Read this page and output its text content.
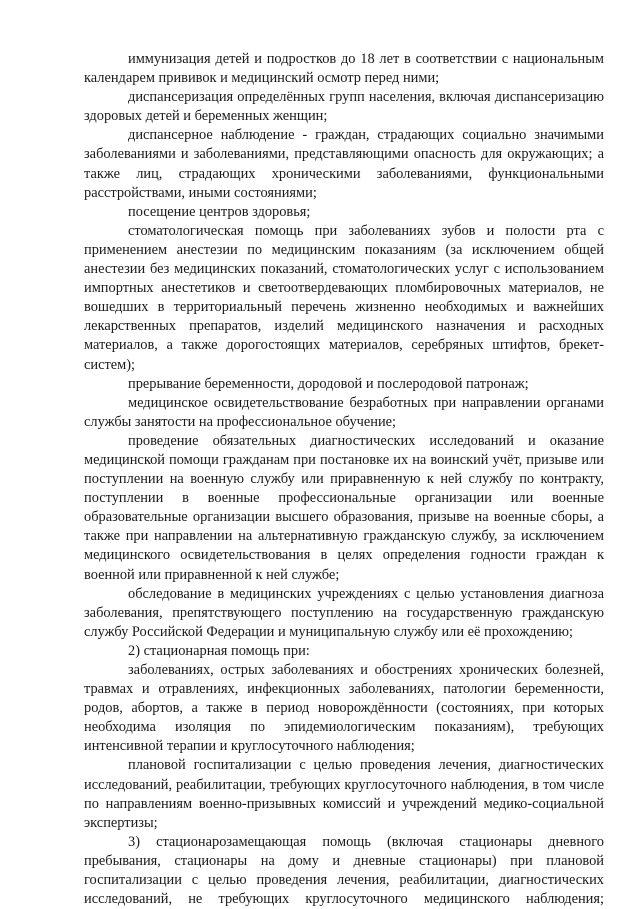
иммунизация детей и подростков до 18 лет в соответствии с национальным календарем прививок и медицинский осмотр перед ними;

диспансеризация определённых групп населения, включая диспансеризацию здоровых детей и беременных женщин;

диспансерное наблюдение - граждан, страдающих социально значимыми заболеваниями и заболеваниями, представляющими опасность для окружающих; а также лиц, страдающих хроническими заболеваниями, функциональными расстройствами, иными состояниями;

посещение центров здоровья;

стоматологическая помощь при заболеваниях зубов и полости рта с применением анестезии по медицинским показаниям (за исключением общей анестезии без медицинских показаний, стоматологических услуг с использованием импортных анестетиков и светоотвердевающих пломбировочных материалов, не вошедших в территориальный перечень жизненно необходимых и важнейших лекарственных препаратов, изделий медицинского назначения и расходных материалов, а также дорогостоящих материалов, серебряных штифтов, брекет-систем);

прерывание беременности, дородовой и послеродовой патронаж;

медицинское освидетельствование безработных при направлении органами службы занятости на профессиональное обучение;

проведение обязательных диагностических исследований и оказание медицинской помощи гражданам при постановке их на воинский учёт, призыве или поступлении на военную службу или приравненную к ней службу по контракту, поступлении в военные профессиональные организации или военные образовательные организации высшего образования, призыве на военные сборы, а также при направлении на альтернативную гражданскую службу, за исключением медицинского освидетельствования в целях определения годности граждан к военной или приравненной к ней службе;

обследование в медицинских учреждениях с целью установления диагноза заболевания, препятствующего поступлению на государственную гражданскую службу Российской Федерации и муниципальную службу или её прохождению;

2) стационарная помощь при:

заболеваниях, острых заболеваниях и обострениях хронических болезней, травмах и отравлениях, инфекционных заболеваниях, патологии беременности, родов, абортов, а также в период новорождённости (состояниях, при которых необходима изоляция по эпидемиологическим показаниям), требующих интенсивной терапии и круглосуточного наблюдения;

плановой госпитализации с целью проведения лечения, диагностических исследований, реабилитации, требующих круглосуточного наблюдения, в том числе по направлениям военно-призывных комиссий и учреждений медико-социальной экспертизы;

3) стационарозамещающая помощь (включая стационары дневного пребывания, стационары на дому и дневные стационары) при плановой госпитализации с целью проведения лечения, реабилитации, диагностических исследований, не требующих круглосуточного медицинского наблюдения;
